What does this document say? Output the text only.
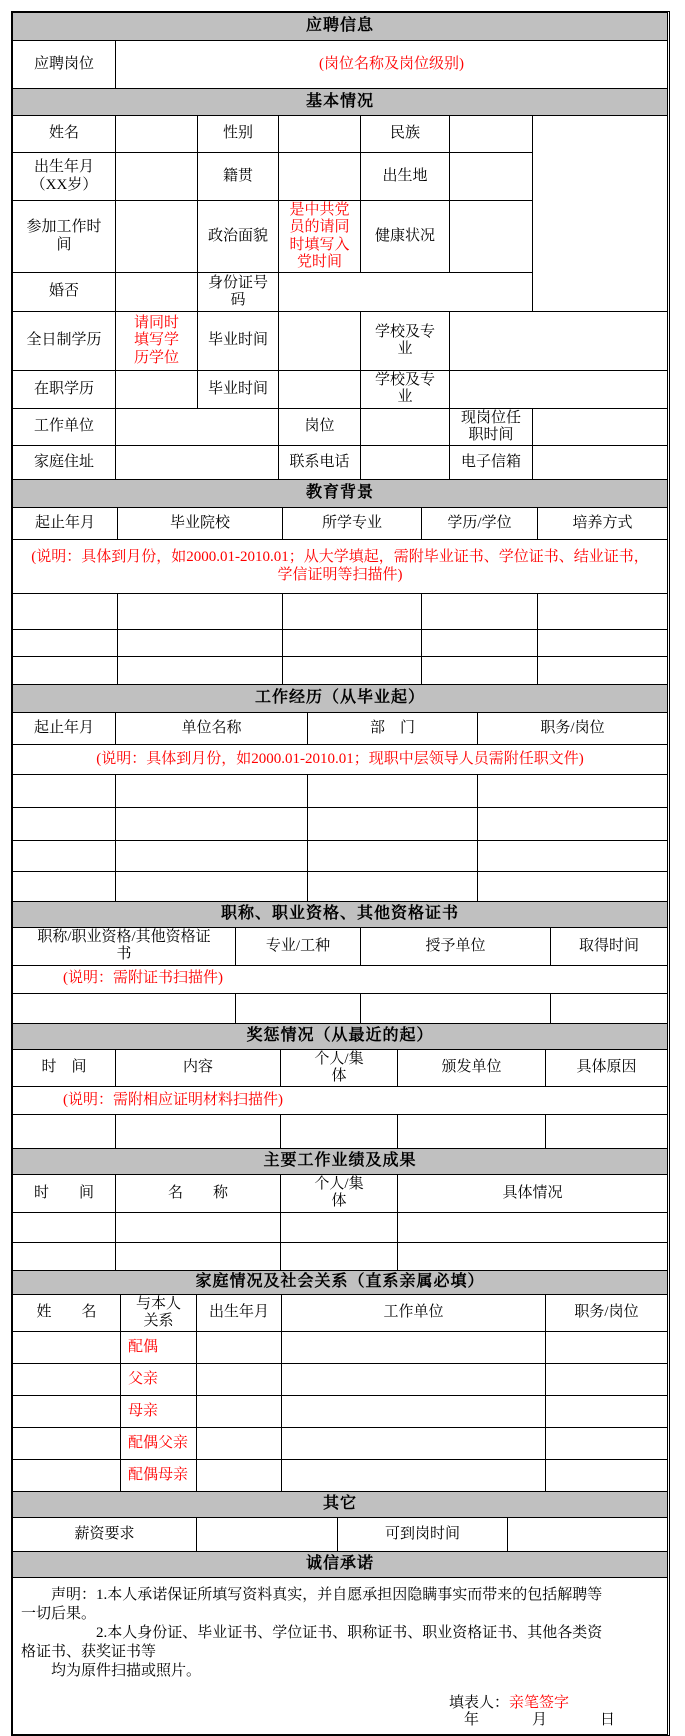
应聘信息
应聘岗位	(岗位名称及岗位级别)
基本情况						
姓名		性别		民族		
出生年月（XX岁）		籍贯		出生地		
参加工作时间		政治面貌	是中共党员的请同时填写入党时间	健康状况		
婚否		身份证号码				
全日制学历	请同时填写学历学位	毕业时间		学校及专业		
在职学历		毕业时间		学校及专业		
工作单位			岗位		现岗位任职时间	
家庭住址			联系电话		电子信箱	
教育背景				
起止年月	毕业院校	所学专业	学历/学位	培养方式
(说明：具体到月份，如2000.01-2010.01；从大学填起，需附毕业证书、学位证书、结业证书，学信证明等扫描件)				

工作经历（从毕业起）			
起止年月	单位名称	部　门	职务/岗位
(说明：具体到月份，如2000.01-2010.01；现职中层领导人员需附任职文件)			

职称、职业资格、其他资格证书			
职称/职业资格/其他资格证书	专业/工种	授予单位	取得时间
(说明：需附证书扫描件)			

奖惩情况（从最近的起）				
时　间	内容	个人/集体	颁发单位	具体原因
(说明：需附相应证明材料扫描件)				

主要工作业绩及成果			
时　　间	名　　称	个人/集体	具体情况

家庭情况及社会关系（直系亲属必填）				
姓　　名	与本人关系	出生年月	工作单位	职务/岗位
	配偶			
	父亲			
	母亲			
	配偶父亲			
	配偶母亲			
其它
薪资要求		可到岗时间	
诚信承诺

　　声明：1.本人承诺保证所填写资料真实，并自愿承担因隐瞒事实而带来的包括解聘等
一切后果。
　　　　　2.本人身份证、毕业证书、学位证书、职称证书、职业资格证书、其他各类资
格证书、获奖证书等
　　均为原件扫描或照片。
填表人：亲笔签字
年　　　月　　　日
